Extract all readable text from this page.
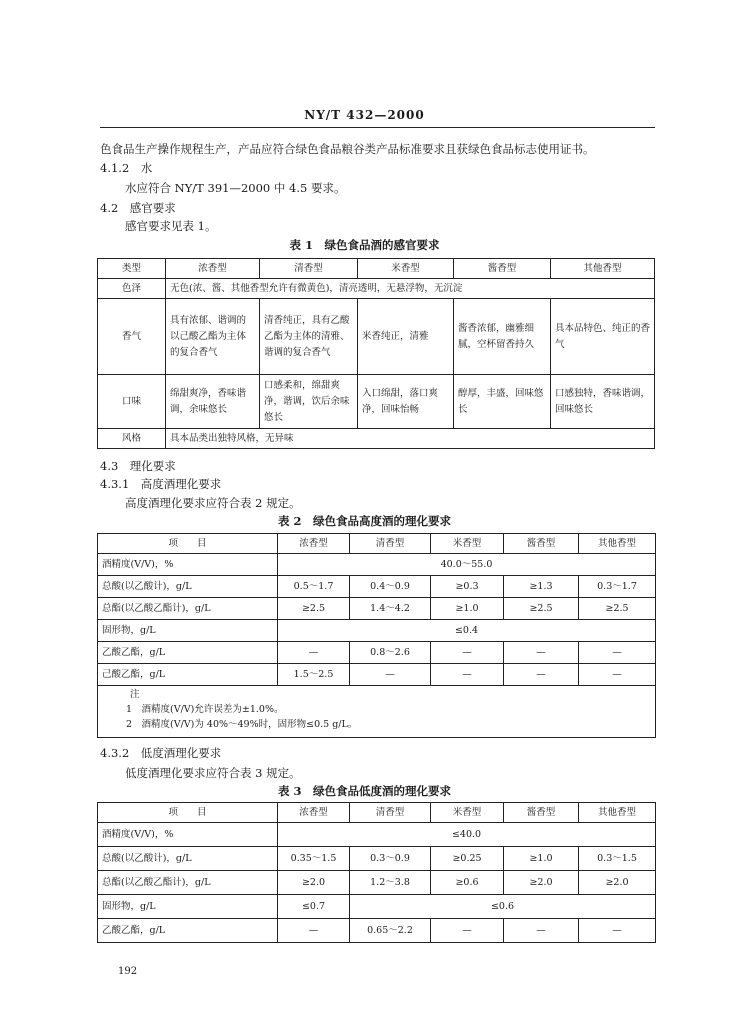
NY/T 432—2000
色食品生产操作规程生产，产品应符合绿色食品粮谷类产品标准要求且获绿色食品标志使用证书。
4.1.2　 水
水应符合 NY/T 391—2000 中 4.5 要求。
4.2　 感官要求
感官要求见表 1。
表 1　绿色食品酒的感官要求
类型	浓香型	清香型	米香型	酱香型	其他香型
色泽	无色(浓、酱、其他香型允许有微黄色)，清亮透明，无悬浮物，无沉淀				
香气	具有浓郁、谐调的以己酸乙酯为主体的复合香气	清香纯正，具有乙酸乙酯为主体的清雅、谐调的复合香气	米香纯正，清雅	酱香浓郁，幽雅细腻，空杯留香持久	具本品特色、纯正的香气
口味	绵甜爽净，香味谐调，余味悠长	口感柔和，绵甜爽净，谐调，饮后余味悠长	入口绵甜，落口爽净，回味怡畅	醇厚，丰盛，回味悠长	口感独特，香味谐调，回味悠长
风格	具本品类出独特风格，无异味				
4.3　 理化要求
4.3.1　 高度酒理化要求
高度酒理化要求应符合表 2 规定。
表 2　绿色食品高度酒的理化要求
项　　目	浓香型	清香型	米香型	酱香型	其他香型
酒精度(V/V)，%	40.0～55.0				
总酸(以乙酸计)，g/L	0.5～1.7	0.4～0.9	≥0.3	≥1.3	0.3～1.7
总酯(以乙酸乙酯计)，g/L	≥2.5	1.4～4.2	≥1.0	≥2.5	≥2.5
固形物，g/L	≤0.4				
乙酸乙酯，g/L	—	0.8～2.6	—	—	—
己酸乙酯，g/L	1.5～2.5	—	—	—	—

注
1　酒精度(V/V)允许误差为±1.0%。
2　酒精度(V/V)为 40%～49%时，固形物≤0.5 g/L。					
4.3.2　 低度酒理化要求
低度酒理化要求应符合表 3 规定。
表 3　绿色食品低度酒的理化要求
项　　目	浓香型	清香型	米香型	酱香型	其他香型
酒精度(V/V)，%	≤40.0				
总酸(以乙酸计)，g/L	0.35～1.5	0.3～0.9	≥0.25	≥1.0	0.3～1.5
总酯(以乙酸乙酯计)，g/L	≥2.0	1.2～3.8	≥0.6	≥2.0	≥2.0
固形物，g/L	≤0.7	≤0.6			
乙酸乙酯，g/L	—	0.65～2.2	—	—	—
192
